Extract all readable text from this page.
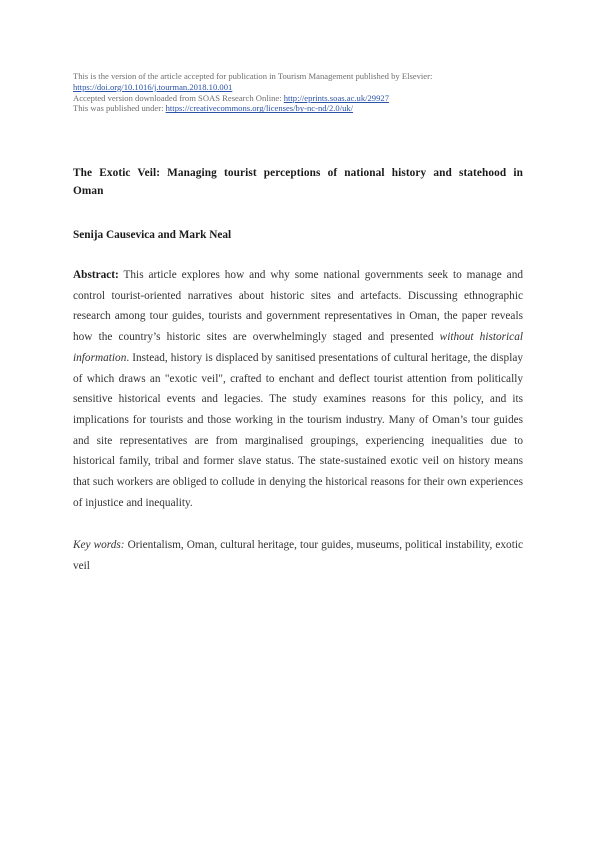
This is the version of the article accepted for publication in Tourism Management published by Elsevier:
https://doi.org/10.1016/j.tourman.2018.10.001
Accepted version downloaded from SOAS Research Online: http://eprints.soas.ac.uk/29927
This was published under: https://creativecommons.org/licenses/by-nc-nd/2.0/uk/
The Exotic Veil: Managing tourist perceptions of national history and statehood in Oman

Senija Causevica and Mark Neal

Abstract: This article explores how and why some national governments seek to manage and control tourist-oriented narratives about historic sites and artefacts. Discussing ethnographic research among tour guides, tourists and government representatives in Oman, the paper reveals how the country’s historic sites are overwhelmingly staged and presented without historical information. Instead, history is displaced by sanitised presentations of cultural heritage, the display of which draws an "exotic veil", crafted to enchant and deflect tourist attention from politically sensitive historical events and legacies. The study examines reasons for this policy, and its implications for tourists and those working in the tourism industry. Many of Oman’s tour guides and site representatives are from marginalised groupings, experiencing inequalities due to historical family, tribal and former slave status. The state-sustained exotic veil on history means that such workers are obliged to collude in denying the historical reasons for their own experiences of injustice and inequality.

Key words: Orientalism, Oman, cultural heritage, tour guides, museums, political instability, exotic veil
